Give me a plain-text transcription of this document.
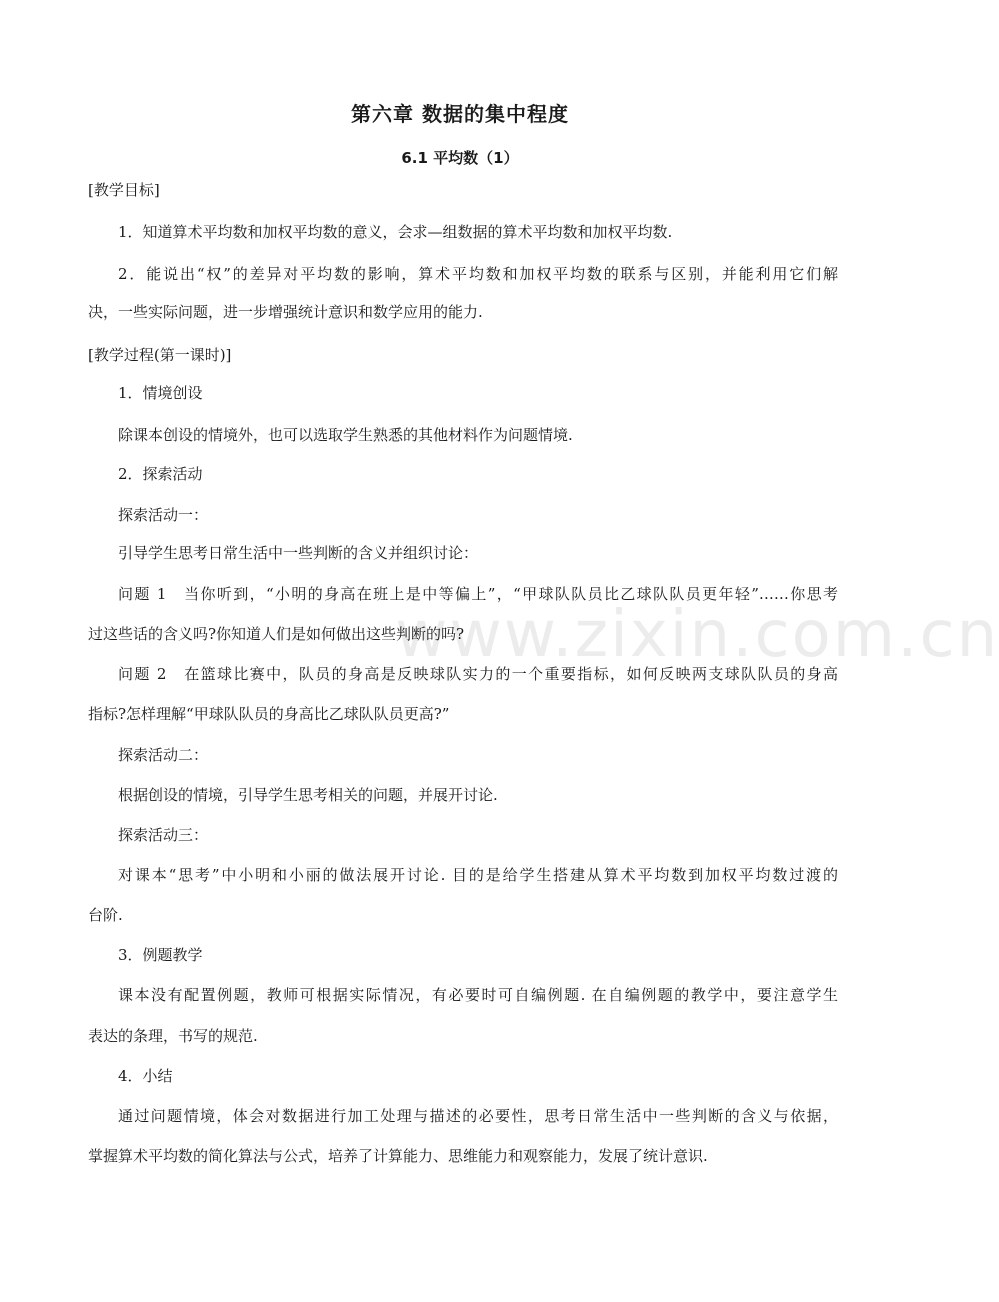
第六章 数据的集中程度
6.1 平均数（1）
www.zixin.com.cn
[教学目标]
1．知道算术平均数和加权平均数的意义，会求—组数据的算术平均数和加权平均数.
2．能说出“权”的差异对平均数的影响，算术平均数和加权平均数的联系与区别，并能利用它们解
决，一些实际问题，进一步增强统计意识和数学应用的能力.
[教学过程(第一课时)]
1．情境创设
除课本创设的情境外，也可以选取学生熟悉的其他材料作为问题情境.
2．探索活动
探索活动一：
引导学生思考日常生活中一些判断的含义并组织讨论：
问题 1　当你听到，“小明的身高在班上是中等偏上”，“甲球队队员比乙球队队员更年轻”……你思考
过这些话的含义吗?你知道人们是如何做出这些判断的吗?
问题 2　在篮球比赛中，队员的身高是反映球队实力的一个重要指标，如何反映两支球队队员的身高
指标?怎样理解“甲球队队员的身高比乙球队队员更高?”
探索活动二：
根据创设的情境，引导学生思考相关的问题，并展开讨论.
探索活动三：
对课本“思考”中小明和小丽的做法展开讨论. 目的是给学生搭建从算术平均数到加权平均数过渡的
台阶.
3．例题教学
课本没有配置例题，教师可根据实际情况，有必要时可自编例题. 在自编例题的教学中，要注意学生
表达的条理，书写的规范.
4．小结
通过问题情境，体会对数据进行加工处理与描述的必要性，思考日常生活中一些判断的含义与依据，
掌握算术平均数的简化算法与公式，培养了计算能力、思维能力和观察能力，发展了统计意识.
